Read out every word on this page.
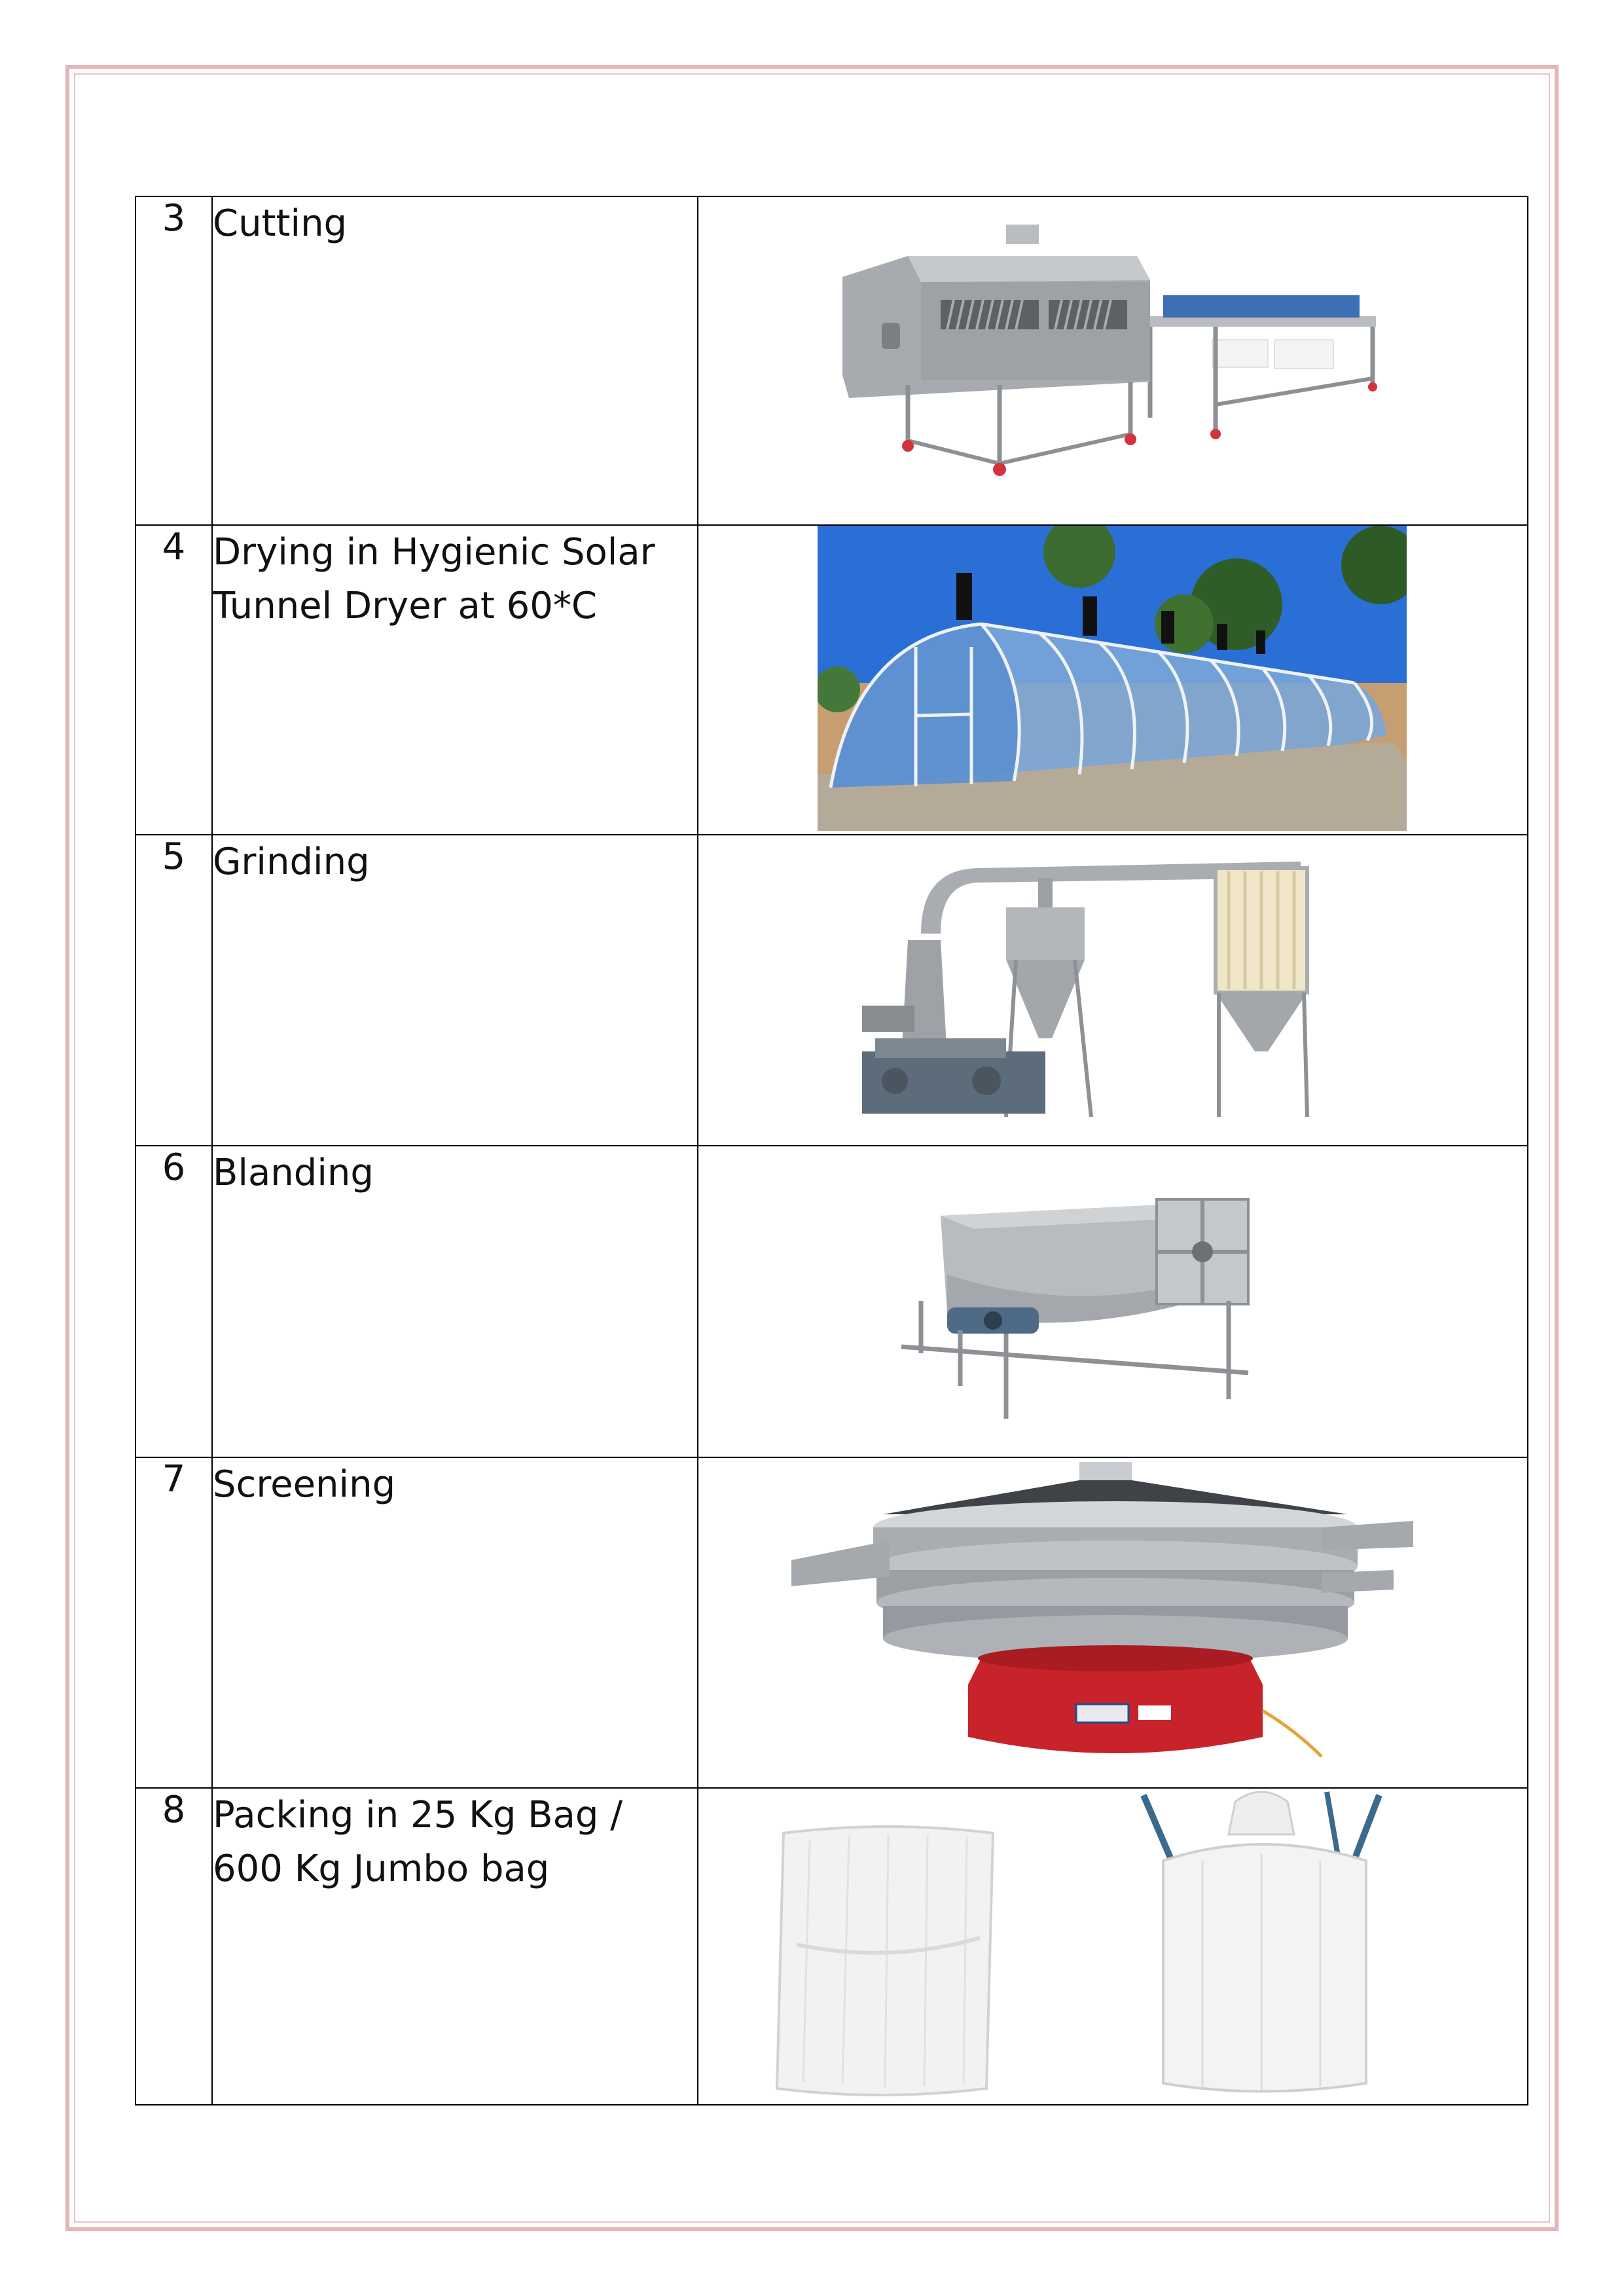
3	Cutting	

4	Drying in Hygienic Solar Tunnel Dryer at 60*C	

5	Grinding	

6	Blanding	

7	Screening	

8	Packing in 25 Kg Bag / 600 Kg Jumbo bag	
